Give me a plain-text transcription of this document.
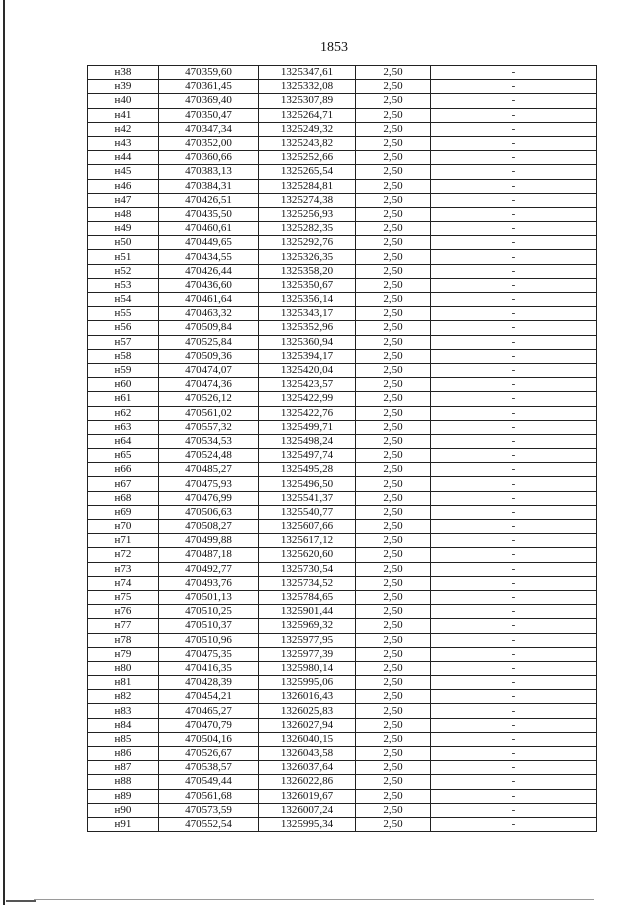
1853
н38	470359,60	1325347,61	2,50	-
н39	470361,45	1325332,08	2,50	-
н40	470369,40	1325307,89	2,50	-
н41	470350,47	1325264,71	2,50	-
н42	470347,34	1325249,32	2,50	-
н43	470352,00	1325243,82	2,50	-
н44	470360,66	1325252,66	2,50	-
н45	470383,13	1325265,54	2,50	-
н46	470384,31	1325284,81	2,50	-
н47	470426,51	1325274,38	2,50	-
н48	470435,50	1325256,93	2,50	-
н49	470460,61	1325282,35	2,50	-
н50	470449,65	1325292,76	2,50	-
н51	470434,55	1325326,35	2,50	-
н52	470426,44	1325358,20	2,50	-
н53	470436,60	1325350,67	2,50	-
н54	470461,64	1325356,14	2,50	-
н55	470463,32	1325343,17	2,50	-
н56	470509,84	1325352,96	2,50	-
н57	470525,84	1325360,94	2,50	-
н58	470509,36	1325394,17	2,50	-
н59	470474,07	1325420,04	2,50	-
н60	470474,36	1325423,57	2,50	-
н61	470526,12	1325422,99	2,50	-
н62	470561,02	1325422,76	2,50	-
н63	470557,32	1325499,71	2,50	-
н64	470534,53	1325498,24	2,50	-
н65	470524,48	1325497,74	2,50	-
н66	470485,27	1325495,28	2,50	-
н67	470475,93	1325496,50	2,50	-
н68	470476,99	1325541,37	2,50	-
н69	470506,63	1325540,77	2,50	-
н70	470508,27	1325607,66	2,50	-
н71	470499,88	1325617,12	2,50	-
н72	470487,18	1325620,60	2,50	-
н73	470492,77	1325730,54	2,50	-
н74	470493,76	1325734,52	2,50	-
н75	470501,13	1325784,65	2,50	-
н76	470510,25	1325901,44	2,50	-
н77	470510,37	1325969,32	2,50	-
н78	470510,96	1325977,95	2,50	-
н79	470475,35	1325977,39	2,50	-
н80	470416,35	1325980,14	2,50	-
н81	470428,39	1325995,06	2,50	-
н82	470454,21	1326016,43	2,50	-
н83	470465,27	1326025,83	2,50	-
н84	470470,79	1326027,94	2,50	-
н85	470504,16	1326040,15	2,50	-
н86	470526,67	1326043,58	2,50	-
н87	470538,57	1326037,64	2,50	-
н88	470549,44	1326022,86	2,50	-
н89	470561,68	1326019,67	2,50	-
н90	470573,59	1326007,24	2,50	-
н91	470552,54	1325995,34	2,50	-
